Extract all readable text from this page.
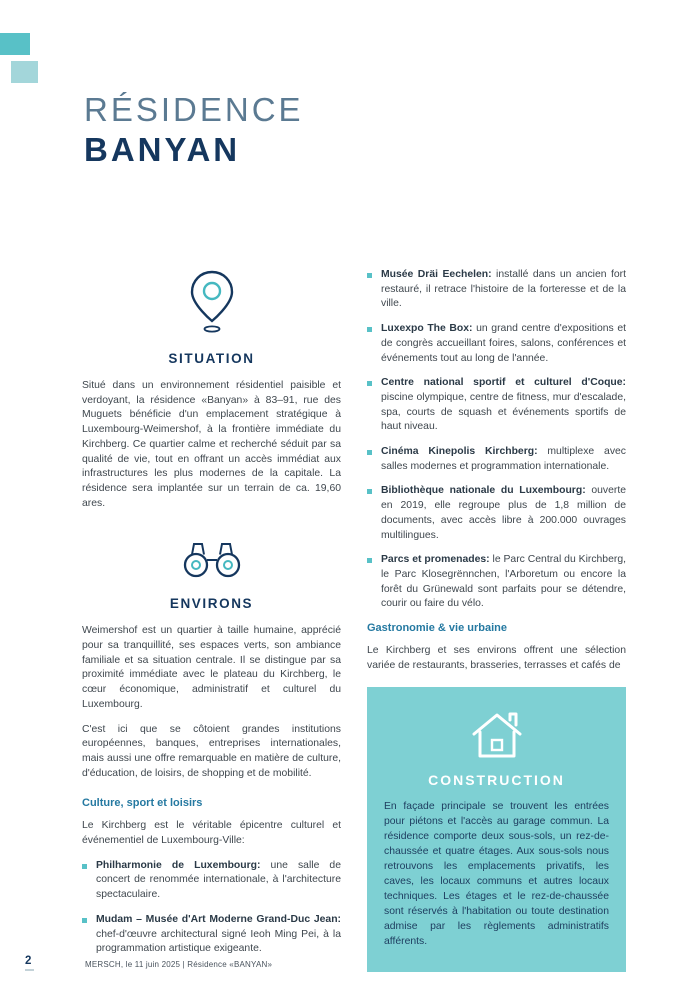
RÉSIDENCE
BANYAN
SITUATION

Situé dans un environnement résidentiel paisible et verdoyant, la résidence «Banyan» à 83–91, rue des Muguets bénéficie d'un emplacement stratégique à Luxembourg-Weimershof, à la frontière immédiate du Kirchberg. Ce quartier calme et recherché séduit par sa qualité de vie, tout en offrant un accès immédiat aux infrastructures les plus modernes de la capitale. La résidence sera implantée sur un terrain de ca. 19,60 ares.

ENVIRONS

Weimershof est un quartier à taille humaine, apprécié pour sa tranquillité, ses espaces verts, son ambiance familiale et sa situation centrale. Il se distingue par sa proximité immédiate avec le plateau du Kirchberg, le cœur économique, administratif et culturel du Luxembourg.

C'est ici que se côtoient grandes institutions européennes, banques, entreprises internationales, mais aussi une offre remarquable en matière de culture, d'éducation, de loisirs, de shopping et de mobilité.

Culture, sport et loisirs

Le Kirchberg est le véritable épicentre culturel et événementiel de Luxembourg-Ville:

Philharmonie de Luxembourg: une salle de concert de renommée internationale, à l'architecture spectaculaire.

Mudam – Musée d'Art Moderne Grand-Duc Jean: chef-d'œuvre architectural signé Ieoh Ming Pei, à la programmation artistique exigeante.

Musée Dräi Eechelen: installé dans un ancien fort restauré, il retrace l'histoire de la forteresse et de la ville.

Luxexpo The Box: un grand centre d'expositions et de congrès accueillant foires, salons, conférences et événements tout au long de l'année.

Centre national sportif et culturel d'Coque: piscine olympique, centre de fitness, mur d'escalade, spa, courts de squash et événements sportifs de haut niveau.

Cinéma Kinepolis Kirchberg: multiplexe avec salles modernes et programmation internationale.

Bibliothèque nationale du Luxembourg: ouverte en 2019, elle regroupe plus de 1,8 million de documents, avec accès libre à 200.000 ouvrages multilingues.

Parcs et promenades: le Parc Central du Kirchberg, le Parc Klosegrënnchen, l'Arboretum ou encore la forêt du Grünewald sont parfaits pour se détendre, courir ou faire du vélo.

Gastronomie & vie urbaine

Le Kirchberg et ses environs offrent une sélection variée de restaurants, brasseries, terrasses et cafés de

CONSTRUCTION

En façade principale se trouvent les entrées pour piétons et l'accès au garage commun. La résidence comporte deux sous-sols, un rez-de-chaussée et quatre étages. Aux sous-sols nous retrouvons les emplacements privatifs, les caves, les locaux communs et autres locaux techniques. Les étages et le rez-de-chaussée sont réservés à l'habitation ou toute destination admise par les règlements administratifs afférents.

2	MERSCH, le 11 juin 2025 | Résidence «BANYAN»
